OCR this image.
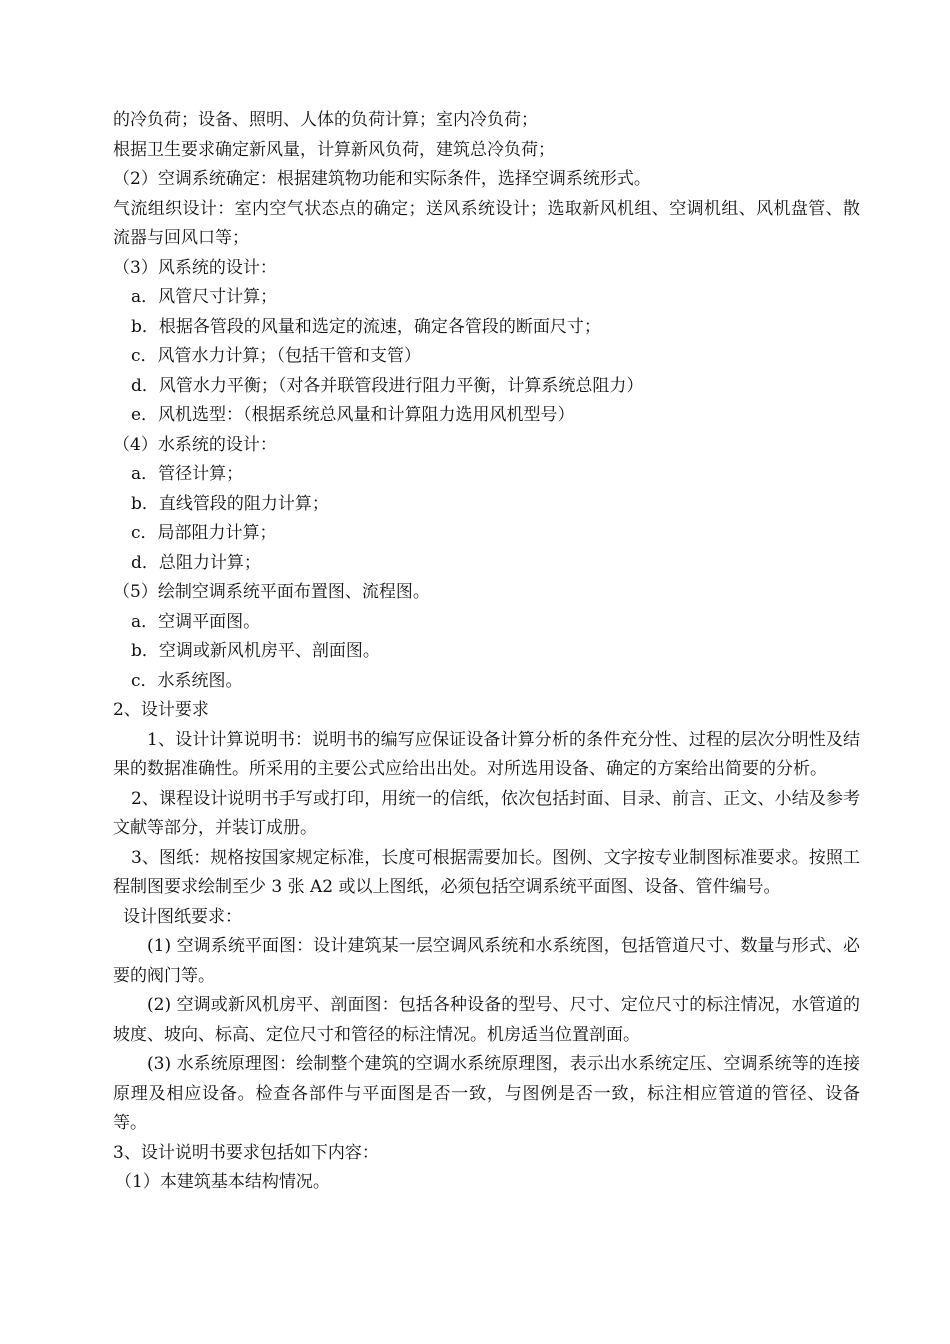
的冷负荷；设备、照明、人体的负荷计算；室内冷负荷；

根据卫生要求确定新风量，计算新风负荷，建筑总冷负荷；

（2）空调系统确定：根据建筑物功能和实际条件，选择空调系统形式。

气流组织设计：室内空气状态点的确定；送风系统设计；选取新风机组、空调机组、风机盘管、散流器与回风口等；

（3）风系统的设计：

a．风管尺寸计算；

b．根据各管段的风量和选定的流速，确定各管段的断面尺寸；

c．风管水力计算；（包括干管和支管）

d．风管水力平衡；（对各并联管段进行阻力平衡，计算系统总阻力）

e．风机选型：（根据系统总风量和计算阻力选用风机型号）

（4）水系统的设计：

a．管径计算；

b．直线管段的阻力计算；

c．局部阻力计算；

d．总阻力计算；

（5）绘制空调系统平面布置图、流程图。

a．空调平面图。

b．空调或新风机房平、剖面图。

c．水系统图。

2、设计要求

1、设计计算说明书：说明书的编写应保证设备计算分析的条件充分性、过程的层次分明性及结果的数据准确性。所采用的主要公式应给出出处。对所选用设备、确定的方案给出简要的分析。

2、课程设计说明书手写或打印，用统一的信纸，依次包括封面、目录、前言、正文、小结及参考文献等部分，并装订成册。

3、图纸：规格按国家规定标准，长度可根据需要加长。图例、文字按专业制图标准要求。按照工程制图要求绘制至少 3 张 A2 或以上图纸，必须包括空调系统平面图、设备、管件编号。

设计图纸要求：

(1) 空调系统平面图：设计建筑某一层空调风系统和水系统图，包括管道尺寸、数量与形式、必要的阀门等。

(2) 空调或新风机房平、剖面图：包括各种设备的型号、尺寸、定位尺寸的标注情况，水管道的坡度、坡向、标高、定位尺寸和管径的标注情况。机房适当位置剖面。

(3) 水系统原理图：绘制整个建筑的空调水系统原理图，表示出水系统定压、空调系统等的连接原理及相应设备。检查各部件与平面图是否一致，与图例是否一致，标注相应管道的管径、设备等。

3、设计说明书要求包括如下内容：

（1）本建筑基本结构情况。
